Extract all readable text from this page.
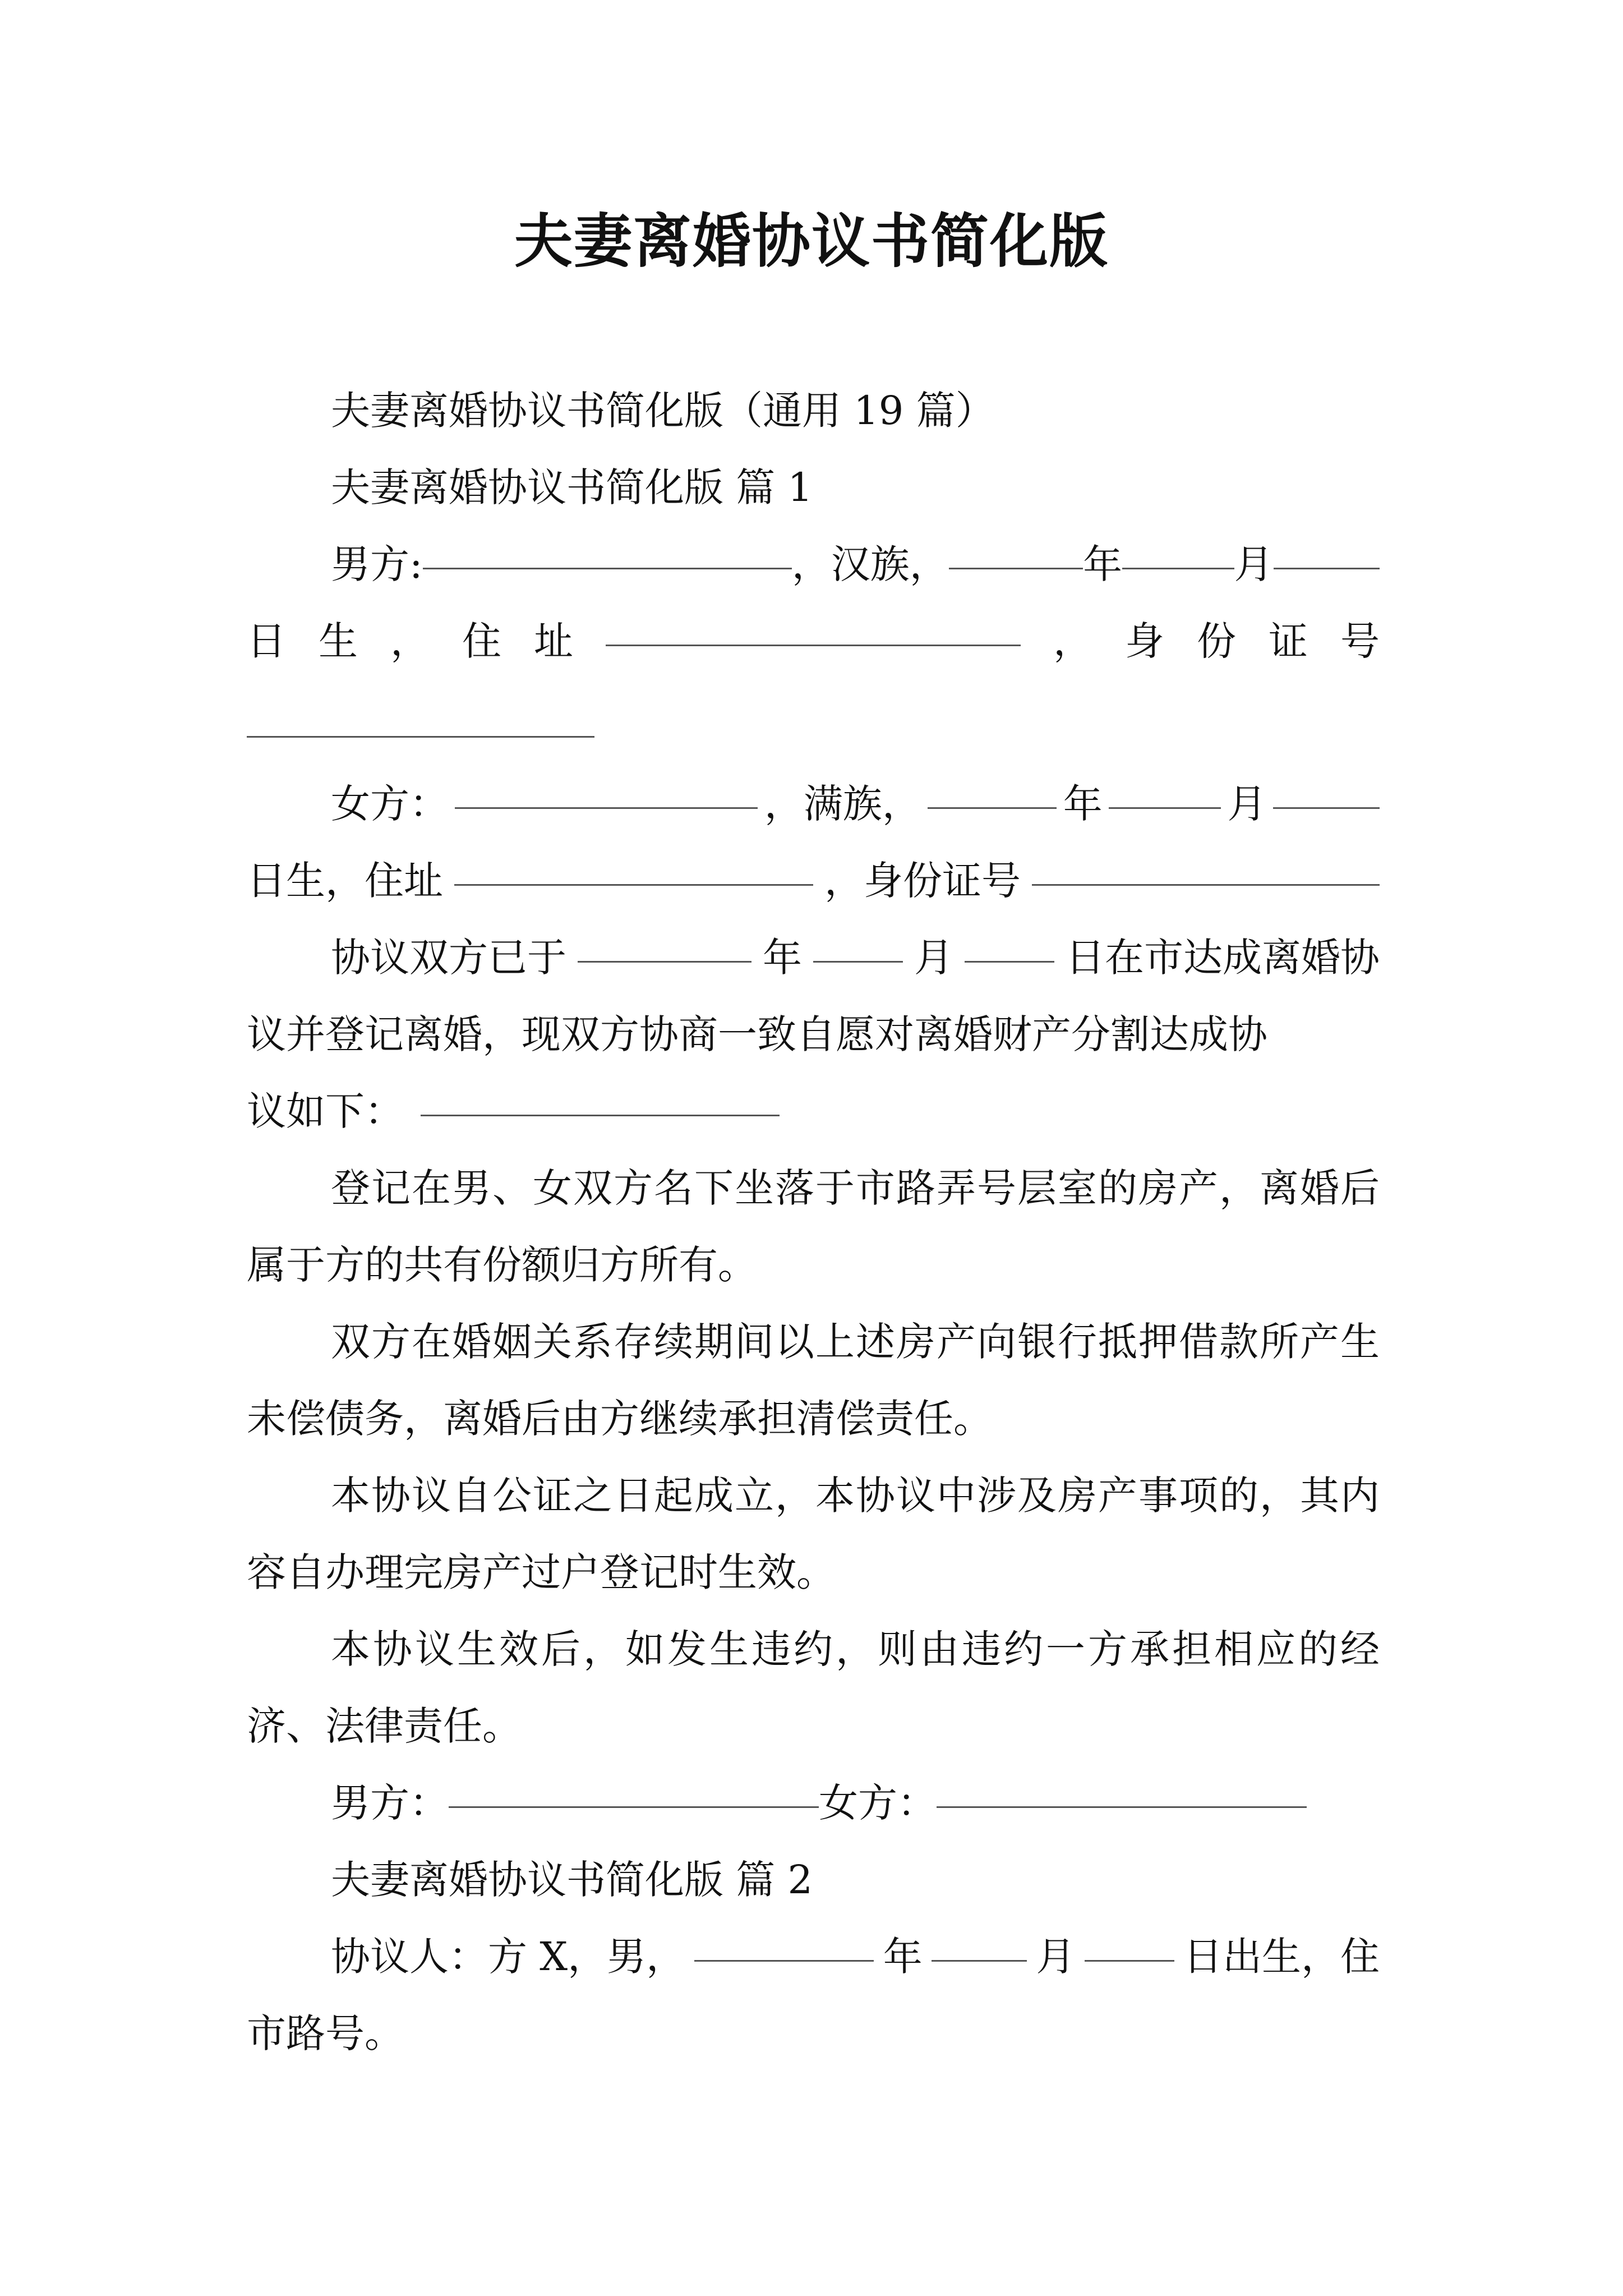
夫妻离婚协议书简化版

夫妻离婚协议书简化版（通用 19 篇）

夫妻离婚协议书简化版 篇 1

男方:	，汉族，	年	月
日 生 ， 住 址	， 身 份 证 号
女方：	，满族，	年	月
日生，住址	，身份证号
协议双方已于	年	月	日在市达成离婚协
议并登记离婚，现双方协商一致自愿对离婚财产分割达成协
议如下：

登记在男、女双方名下坐落于市路弄号层室的房产，离婚后属于方的共有份额归方所有。

双方在婚姻关系存续期间以上述房产向银行抵押借款所产生未偿债务，离婚后由方继续承担清偿责任。

本协议自公证之日起成立，本协议中涉及房产事项的，其内容自办理完房产过户登记时生效。

本协议生效后，如发生违约，则由违约一方承担相应的经济、法律责任。

男方：	女方：

夫妻离婚协议书简化版 篇 2

协议人：方 X，男，	年	月	日出生，住
市路号。
